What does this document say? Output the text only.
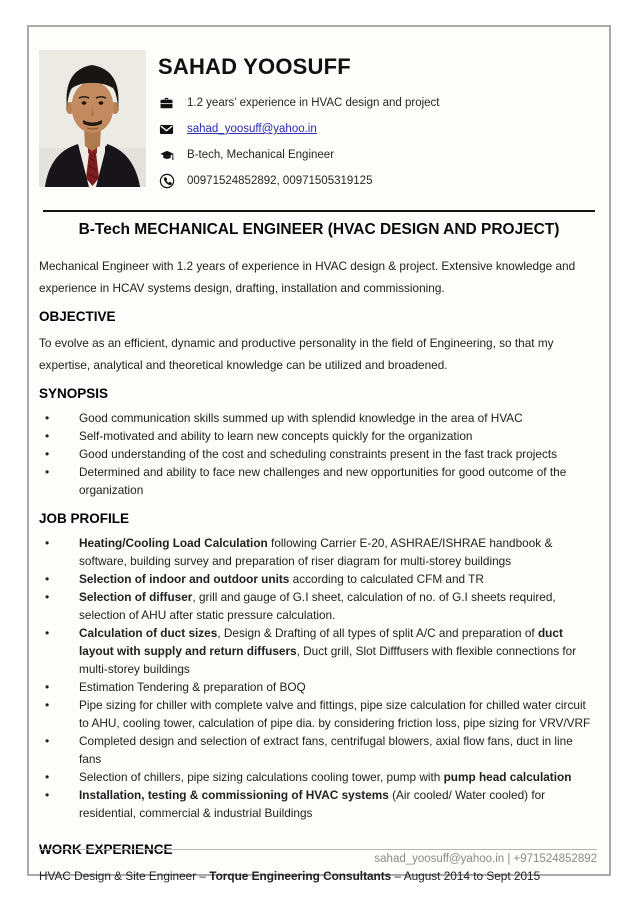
SAHAD YOOSUFF
1.2 years’ experience in HVAC design and project
sahad_yoosuff@yahoo.in
B-tech, Mechanical Engineer
00971524852892, 00971505319125
B-Tech MECHANICAL ENGINEER (HVAC DESIGN AND PROJECT)
Mechanical Engineer with 1.2 years of experience in HVAC design & project. Extensive knowledge and experience in HCAV systems design, drafting, installation and commissioning.
OBJECTIVE
To evolve as an efficient, dynamic and productive personality in the field of Engineering, so that my expertise, analytical and theoretical knowledge can be utilized and broadened.
SYNOPSIS
•	Good communication skills summed up with splendid knowledge in the area of HVAC
•	Self-motivated and ability to learn new concepts quickly for the organization
•	Good understanding of the cost and scheduling constraints present in the fast track projects
•	Determined and ability to face new challenges and new opportunities for good outcome of the organization
JOB PROFILE
•	Heating/Cooling Load Calculation following Carrier E-20, ASHRAE/ISHRAE handbook & software, building survey and preparation of riser diagram for multi-storey buildings
•	Selection of indoor and outdoor units according to calculated CFM and TR
•	Selection of diffuser, grill and gauge of G.I sheet, calculation of no. of G.I sheets required, selection of AHU after static pressure calculation.
•	Calculation of duct sizes, Design & Drafting of all types of split A/C and preparation of duct layout with supply and return diffusers, Duct grill, Slot Difffusers with flexible connections for multi-storey buildings
•	Estimation Tendering & preparation of BOQ
•	Pipe sizing for chiller with complete valve and fittings, pipe size calculation for chilled water circuit to AHU, cooling tower, calculation of pipe dia. by considering friction loss, pipe sizing for VRV/VRF
•	Completed design and selection of extract fans, centrifugal blowers, axial flow fans, duct in line fans
•	Selection of chillers, pipe sizing calculations cooling tower, pump with pump head calculation
•	Installation, testing & commissioning of HVAC systems (Air cooled/ Water cooled) for residential, commercial & industrial Buildings
WORK EXPERIENCE
HVAC Design & Site Engineer – Torque Engineering Consultants – August 2014 to Sept 2015
sahad_yoosuff@yahoo.in | +971524852892
